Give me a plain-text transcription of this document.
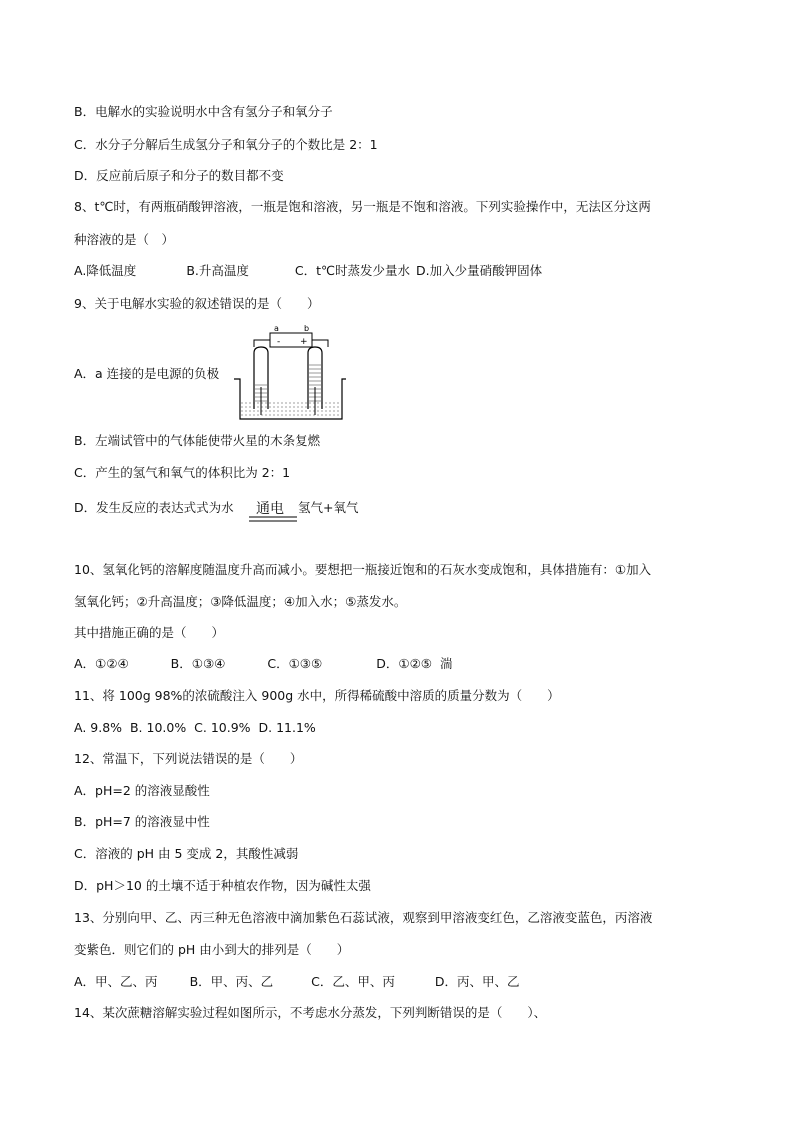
B．电解水的实验说明水中含有氢分子和氧分子
C．水分子分解后生成氢分子和氧分子的个数比是 2：1
D．反应前后原子和分子的数目都不变
8、t℃时，有两瓶硝酸钾溶液，一瓶是饱和溶液，另一瓶是不饱和溶液。下列实验操作中，无法区分这两
种溶液的是（　）
A.降低温度	B.升高温度	C．t℃时蒸发少量水 D.加入少量硝酸钾固体
9、关于电解水实验的叙述错误的是（　　）
A．a 连接的是电源的负极
a	b
- +
B．左端试管中的气体能使带火星的木条复燃
C．产生的氢气和氧气的体积比为 2：1
D．发生反应的表达式式为水 通电 氢气+氧气
10、氢氧化钙的溶解度随温度升高而减小。要想把一瓶接近饱和的石灰水变成饱和，具体措施有：①加入
氢氧化钙；②升高温度；③降低温度；④加入水；⑤蒸发水。
其中措施正确的是（　　）
A．①②④	B．①③④	C．①③⑤	D．①②⑤ 湍
11、将 100g 98%的浓硫酸注入 900g 水中，所得稀硫酸中溶质的质量分数为（　　）
A. 9.8%  B. 10.0%  C. 10.9%  D. 11.1%
12、常温下，下列说法错误的是（　　）
A．pH=2 的溶液显酸性
B．pH=7 的溶液显中性
C．溶液的 pH 由 5 变成 2，其酸性减弱
D．pH＞10 的土壤不适于种植农作物，因为碱性太强
13、分别向甲、乙、丙三种无色溶液中滴加紫色石蕊试液，观察到甲溶液变红色，乙溶液变蓝色，丙溶液
变紫色．则它们的 pH 由小到大的排列是（　　）
A．甲、乙、丙	B．甲、丙、乙	C．乙、甲、丙	D．丙、甲、乙
14、某次蔗糖溶解实验过程如图所示，不考虑水分蒸发，下列判断错误的是（　　）、
